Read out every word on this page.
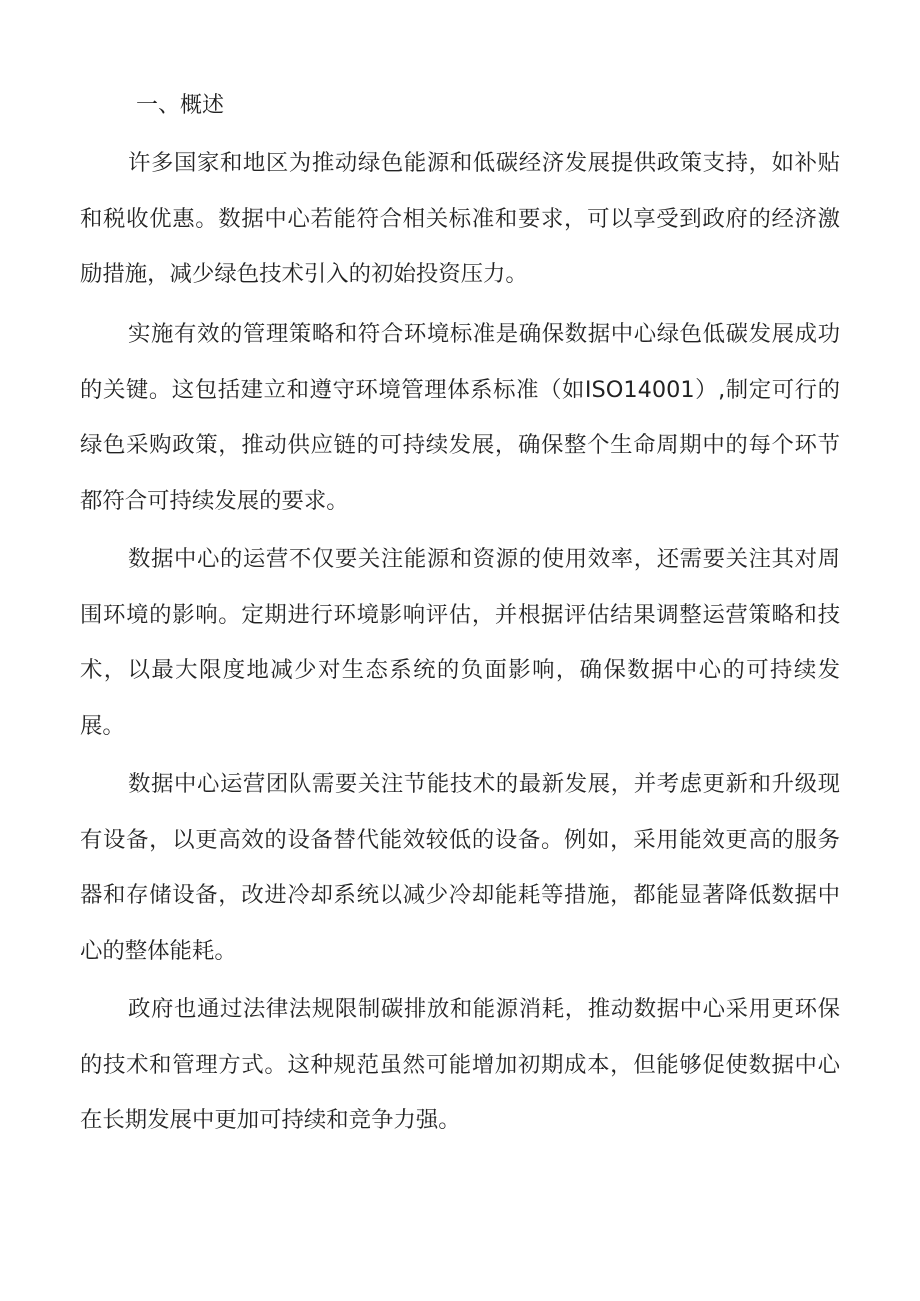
一、概述

许多国家和地区为推动绿色能源和低碳经济发展提供政策支持，如补贴和税收优惠。数据中心若能符合相关标准和要求，可以享受到政府的经济激励措施，减少绿色技术引入的初始投资压力。

实施有效的管理策略和符合环境标准是确保数据中心绿色低碳发展成功的关键。这包括建立和遵守环境管理体系标准（如ISO14001）,制定可行的绿色采购政策，推动供应链的可持续发展，确保整个生命周期中的每个环节都符合可持续发展的要求。

数据中心的运营不仅要关注能源和资源的使用效率，还需要关注其对周围环境的影响。定期进行环境影响评估，并根据评估结果调整运营策略和技术，以最大限度地减少对生态系统的负面影响，确保数据中心的可持续发展。

数据中心运营团队需要关注节能技术的最新发展，并考虑更新和升级现有设备，以更高效的设备替代能效较低的设备。例如，采用能效更高的服务器和存储设备，改进冷却系统以减少冷却能耗等措施，都能显著降低数据中心的整体能耗。

政府也通过法律法规限制碳排放和能源消耗，推动数据中心采用更环保的技术和管理方式。这种规范虽然可能增加初期成本，但能够促使数据中心在长期发展中更加可持续和竞争力强。
